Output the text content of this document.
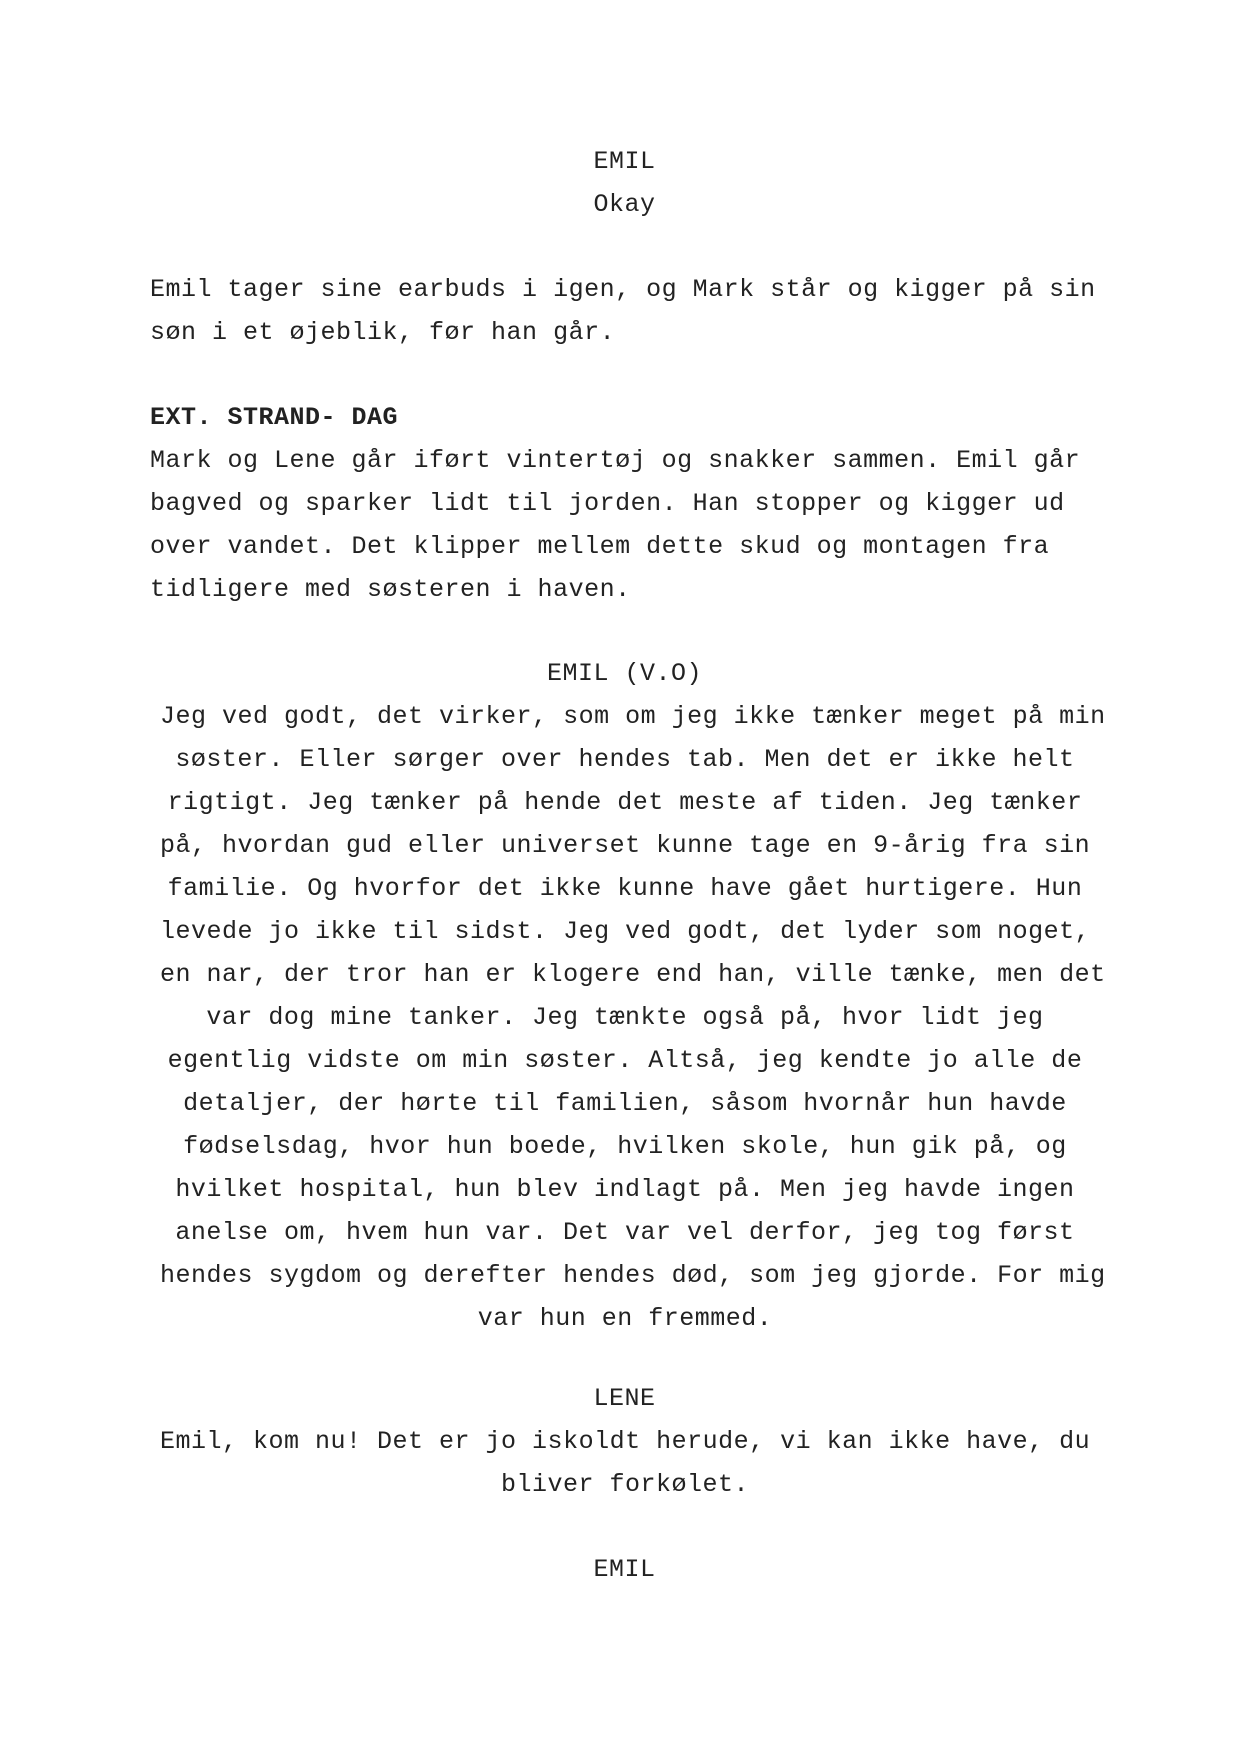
EMIL
Okay
Emil tager sine earbuds i igen, og Mark står og kigger på sin
søn i et øjeblik, før han går.
EXT. STRAND- DAG
Mark og Lene går iført vintertøj og snakker sammen. Emil går
bagved og sparker lidt til jorden. Han stopper og kigger ud
over vandet. Det klipper mellem dette skud og montagen fra
tidligere med søsteren i haven.
EMIL (V.O)
Jeg ved godt, det virker, som om jeg ikke tænker meget på min
søster. Eller sørger over hendes tab. Men det er ikke helt
rigtigt. Jeg tænker på hende det meste af tiden. Jeg tænker
på, hvordan gud eller universet kunne tage en 9-årig fra sin
familie. Og hvorfor det ikke kunne have gået hurtigere. Hun
levede jo ikke til sidst. Jeg ved godt, det lyder som noget,
en nar, der tror han er klogere end han, ville tænke, men det
var dog mine tanker. Jeg tænkte også på, hvor lidt jeg
egentlig vidste om min søster. Altså, jeg kendte jo alle de
detaljer, der hørte til familien, såsom hvornår hun havde
fødselsdag, hvor hun boede, hvilken skole, hun gik på, og
hvilket hospital, hun blev indlagt på. Men jeg havde ingen
anelse om, hvem hun var. Det var vel derfor, jeg tog først
hendes sygdom og derefter hendes død, som jeg gjorde. For mig
var hun en fremmed.
LENE
Emil, kom nu! Det er jo iskoldt herude, vi kan ikke have, du
bliver forkølet.
EMIL
